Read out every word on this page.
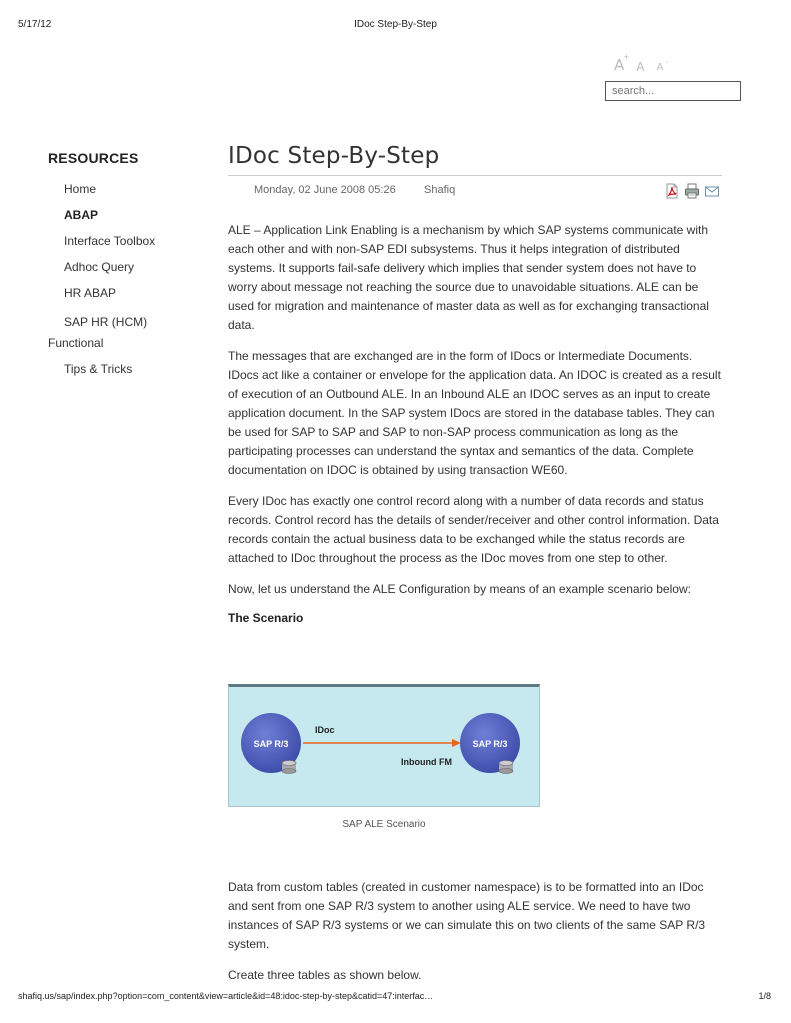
5/17/12	IDoc Step-By-Step
A +
A A -
search...
RESOURCES
Home
ABAP
Interface Toolbox
Adhoc Query
HR ABAP
SAP HR (HCM)
Functional
Tips & Tricks
IDoc Step-By-Step
Monday, 02 June 2008 05:26	Shafiq

ALE – Application Link Enabling is a mechanism by which SAP systems communicate with each other and with non-SAP EDI subsystems. Thus it helps integration of distributed systems. It supports fail-safe delivery which implies that sender system does not have to worry about message not reaching the source due to unavoidable situations. ALE can be used for migration and maintenance of master data as well as for exchanging transactional data.

The messages that are exchanged are in the form of IDocs or Intermediate Documents. IDocs act like a container or envelope for the application data. An IDOC is created as a result of execution of an Outbound ALE. In an Inbound ALE an IDOC serves as an input to create application document. In the SAP system IDocs are stored in the database tables. They can be used for SAP to SAP and SAP to non-SAP process communication as long as the participating processes can understand the syntax and semantics of the data. Complete documentation on IDOC is obtained by using transaction WE60.

Every IDoc has exactly one control record along with a number of data records and status records. Control record has the details of sender/receiver and other control information. Data records contain the actual business data to be exchanged while the status records are attached to IDoc throughout the process as the IDoc moves from one step to other.

Now, let us understand the ALE Configuration by means of an example scenario below:

The Scenario

SAP R/3
IDoc
Inbound FM
SAP R/3
SAP ALE Scenario

Data from custom tables (created in customer namespace) is to be formatted into an IDoc and sent from one SAP R/3 system to another using ALE service. We need to have two instances of SAP R/3 systems or we can simulate this on two clients of the same SAP R/3 system.

Create three tables as shown below.

shafiq.us/sap/index.php?option=com_content&view=article&id=48:idoc-step-by-step&catid=47:interfac…	1/8
